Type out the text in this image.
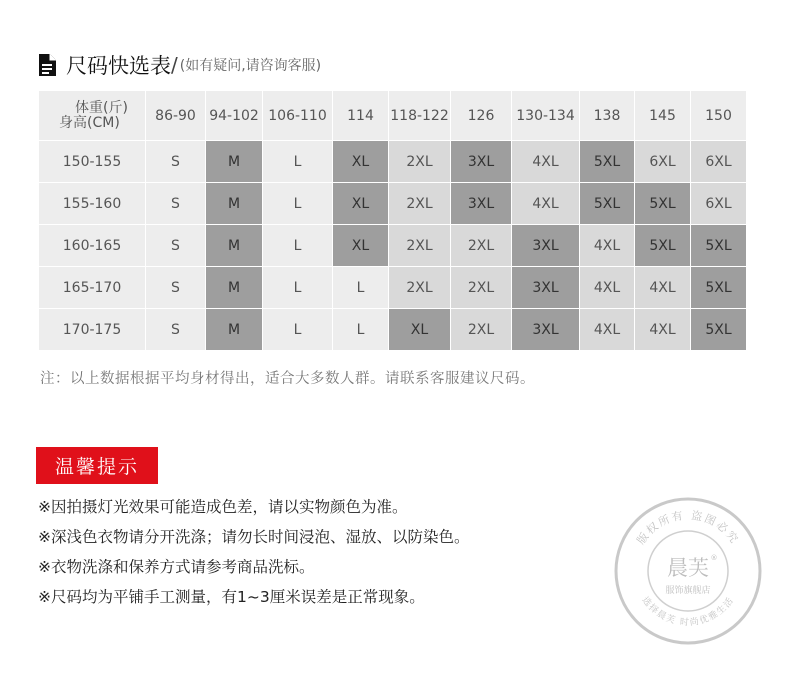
尺码快选表 / (如有疑问,请咨询客服)
体重(斤)
身高(CM)	86-90	94-102	106-110	114	118-122	126	130-134	138	145	150
150-155	S	M	L	XL	2XL	3XL	4XL	5XL	6XL	6XL
155-160	S	M	L	XL	2XL	3XL	4XL	5XL	5XL	6XL
160-165	S	M	L	XL	2XL	2XL	3XL	4XL	5XL	5XL
165-170	S	M	L	L	2XL	2XL	3XL	4XL	4XL	5XL
170-175	S	M	L	L	XL	2XL	3XL	4XL	4XL	5XL
注：以上数据根据平均身材得出，适合大多数人群。请联系客服建议尺码。
温馨提示
※因拍摄灯光效果可能造成色差，请以实物颜色为准。
※深浅色衣物请分开洗涤；请勿长时间浸泡、湿放、以防染色。
※衣物洗涤和保养方式请参考商品洗标。
※尺码均为平铺手工测量，有1~3厘米误差是正常现象。
版权所有 盗图必究
选择晨芙 时尚优雅生活
晨芙 ®
服饰旗舰店
